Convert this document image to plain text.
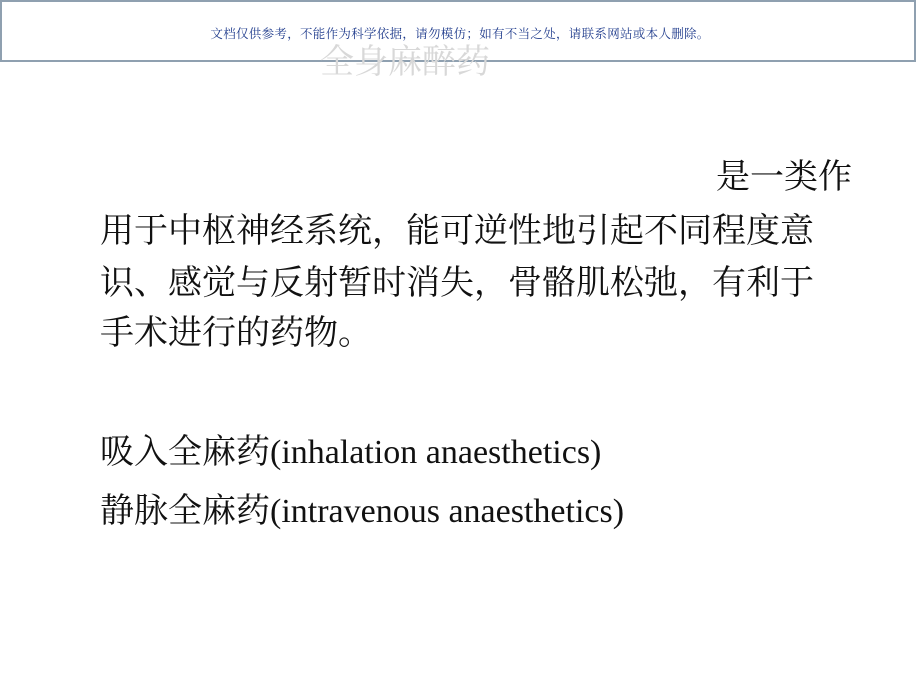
文档仅供参考，不能作为科学依据，请勿模仿；如有不当之处，请联系网站或本人删除。
全身麻醉药
是一类作
用于中枢神经系统，能可逆性地引起不同程度意
识、感觉与反射暂时消失，骨骼肌松弛，有利于
手术进行的药物。
吸入全麻药(inhalation anaesthetics)
静脉全麻药(intravenous anaesthetics)
